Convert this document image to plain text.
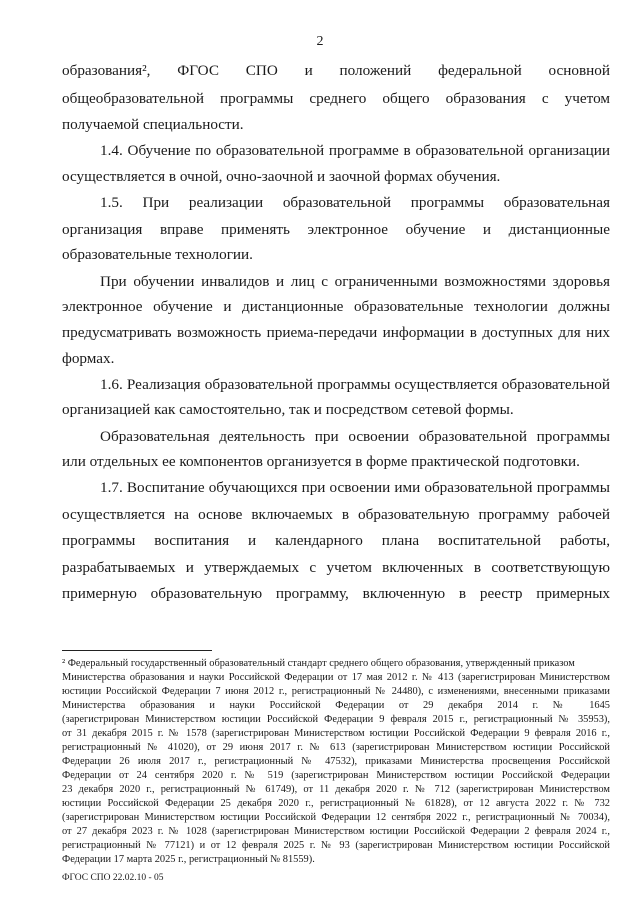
2
образования², ФГОС СПО и положений федеральной основной
общеобразовательной программы среднего общего образования с учетом
получаемой специальности.
1.4. Обучение по образовательной программе в образовательной организации
осуществляется в очной, очно-заочной и заочной формах обучения.
1.5. При реализации образовательной программы образовательная
организация вправе применять электронное обучение и дистанционные
образовательные технологии.
При обучении инвалидов и лиц с ограниченными возможностями здоровья
электронное обучение и дистанционные образовательные технологии должны
предусматривать возможность приема-передачи информации в доступных для них
формах.
1.6. Реализация образовательной программы осуществляется образовательной
организацией как самостоятельно, так и посредством сетевой формы.
Образовательная деятельность при освоении образовательной программы
или отдельных ее компонентов организуется в форме практической подготовки.
1.7. Воспитание обучающихся при освоении ими образовательной программы
осуществляется на основе включаемых в образовательную программу рабочей
программы воспитания и календарного плана воспитательной работы,
разрабатываемых и утверждаемых с учетом включенных в соответствующую
примерную образовательную программу, включенную в реестр примерных
² Федеральный государственный образовательный стандарт среднего общего образования, утвержденный приказом
Министерства образования и науки Российской Федерации от 17 мая 2012 г. № 413 (зарегистрирован Министерством
юстиции Российской Федерации 7 июня 2012 г., регистрационный № 24480), с изменениями, внесенными приказами
Министерства образования и науки Российской Федерации от 29 декабря 2014 г. № 1645
(зарегистрирован Министерством юстиции Российской Федерации 9 февраля 2015 г., регистрационный № 35953),
от 31 декабря 2015 г. № 1578 (зарегистрирован Министерством юстиции Российской Федерации 9 февраля 2016 г.,
регистрационный № 41020), от 29 июня 2017 г. № 613 (зарегистрирован Министерством юстиции Российской
Федерации 26 июля 2017 г., регистрационный № 47532), приказами Министерства просвещения Российской
Федерации от 24 сентября 2020 г. № 519 (зарегистрирован Министерством юстиции Российской Федерации
23 декабря 2020 г., регистрационный № 61749), от 11 декабря 2020 г. № 712 (зарегистрирован Министерством
юстиции Российской Федерации 25 декабря 2020 г., регистрационный № 61828), от 12 августа 2022 г. № 732
(зарегистрирован Министерством юстиции Российской Федерации 12 сентября 2022 г., регистрационный № 70034),
от 27 декабря 2023 г. № 1028 (зарегистрирован Министерством юстиции Российской Федерации 2 февраля 2024 г.,
регистрационный № 77121) и от 12 февраля 2025 г. № 93 (зарегистрирован Министерством юстиции Российской
Федерации 17 марта 2025 г., регистрационный № 81559).
ФГОС СПО 22.02.10 - 05
